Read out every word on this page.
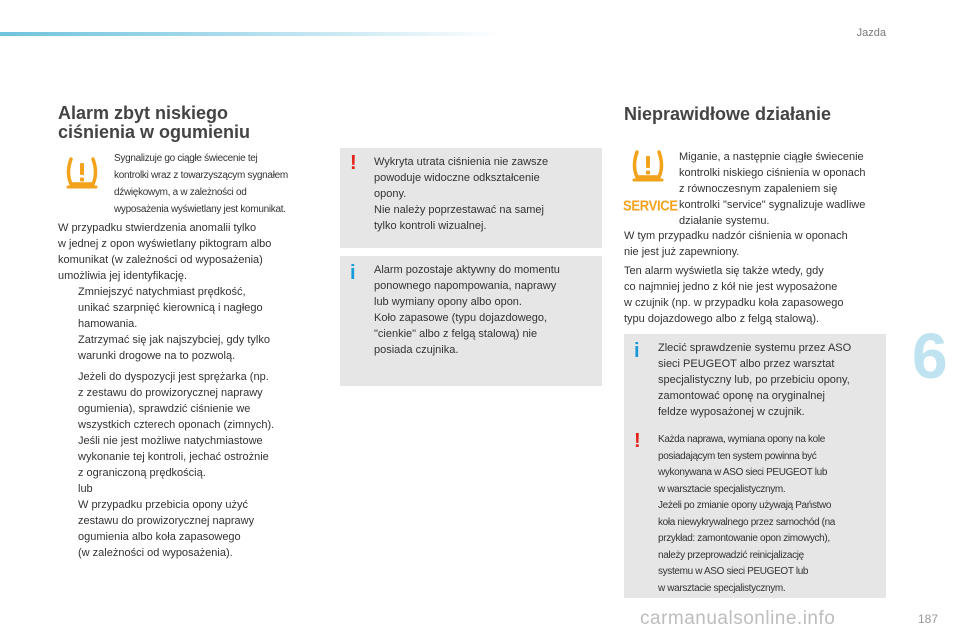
Jazda
6
Alarm zbyt niskiego
ciśnienia w ogumieniu
Sygnalizuje go ciągłe świecenie tej
kontrolki wraz z towarzyszącym sygnałem
dźwiękowym, a w zależności od
wyposażenia wyświetlany jest komunikat.
W przypadku stwierdzenia anomalii tylko
w jednej z opon wyświetlany piktogram albo
komunikat (w zależności od wyposażenia)
umożliwia jej identyfikację.
Zmniejszyć natychmiast prędkość,
unikać szarpnięć kierownicą i nagłego
hamowania.
Zatrzymać się jak najszybciej, gdy tylko
warunki drogowe na to pozwolą.
Jeżeli do dyspozycji jest sprężarka (np.
z zestawu do prowizorycznej naprawy
ogumienia), sprawdzić ciśnienie we
wszystkich czterech oponach (zimnych).
Jeśli nie jest możliwe natychmiastowe
wykonanie tej kontroli, jechać ostrożnie
z ograniczoną prędkością.
lub
W przypadku przebicia opony użyć
zestawu do prowizorycznej naprawy
ogumienia albo koła zapasowego
(w zależności od wyposażenia).
! Wykryta utrata ciśnienia nie zawsze
powoduje widoczne odkształcenie
opony.
Nie należy poprzestawać na samej
tylko kontroli wizualnej.
i Alarm pozostaje aktywny do momentu
ponownego napompowania, naprawy
lub wymiany opony albo opon.
Koło zapasowe (typu dojazdowego,
"cienkie" albo z felgą stalową) nie
posiada czujnika.
Nieprawidłowe działanie
SERVICE
Miganie, a następnie ciągłe świecenie
kontrolki niskiego ciśnienia w oponach
z równoczesnym zapaleniem się
kontrolki "service" sygnalizuje wadliwe
działanie systemu.
W tym przypadku nadzór ciśnienia w oponach
nie jest już zapewniony.
Ten alarm wyświetla się także wtedy, gdy
co najmniej jedno z kół nie jest wyposażone
w czujnik (np. w przypadku koła zapasowego
typu dojazdowego albo z felgą stalową).
i Zlecić sprawdzenie systemu przez ASO
sieci PEUGEOT albo przez warsztat
specjalistyczny lub, po przebiciu opony,
zamontować oponę na oryginalnej
feldze wyposażonej w czujnik.
! Każda naprawa, wymiana opony na kole
posiadającym ten system powinna być
wykonywana w ASO sieci PEUGEOT lub
w warsztacie specjalistycznym.
Jeżeli po zmianie opony używają Państwo
koła niewykrywalnego przez samochód (na
przykład: zamontowanie opon zimowych),
należy przeprowadzić reinicjalizację
systemu w ASO sieci PEUGEOT lub
w warsztacie specjalistycznym.
carmanualsonline.info	187
